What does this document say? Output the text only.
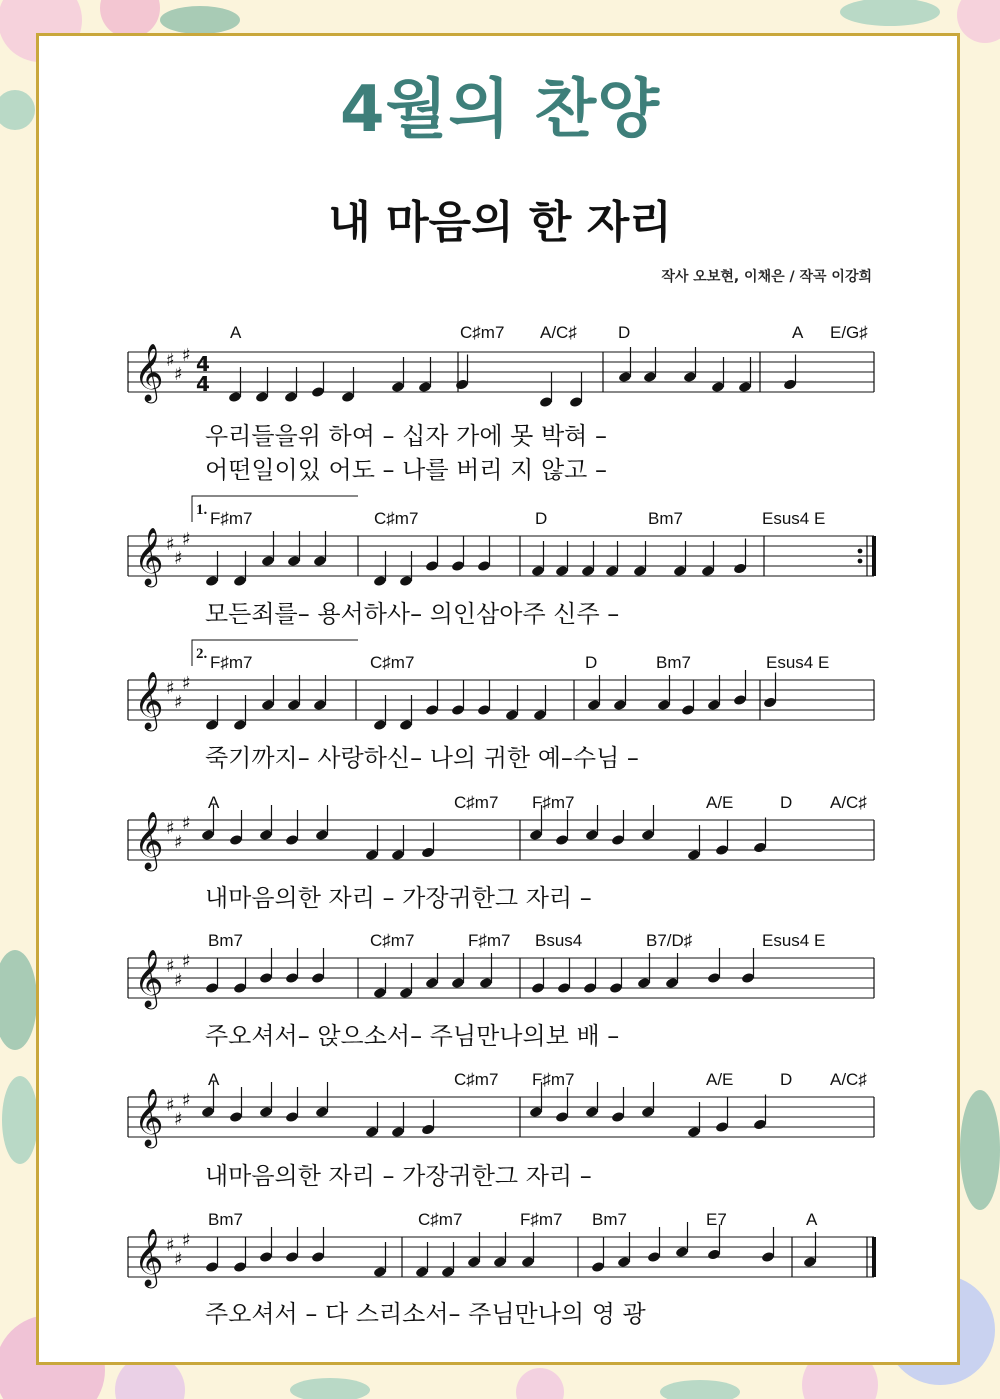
4월의 찬양
내 마음의 한 자리
작사 오보현, 이채은 / 작곡 이강희
𝄞 ♯
♯
♯ 4
4
A	C♯m7 A/C♯ D	A E/G♯
우리들을위 하여 – 십자 가에 못 박혀 –
어떤일이있 어도 – 나를 버리 지 않고 –
𝄞 ♯
♯
♯
1. F♯m7	C♯m7	D	Bm7	Esus4 E
모든죄를– 용서하사– 의인삼아주 신주 –
𝄞 ♯
♯
♯
2. F♯m7	C♯m7	D	Bm7	Esus4 E
죽기까지– 사랑하신– 나의 귀한 예–수님 –
𝄞 ♯
♯
♯
A	C♯m7 F♯m7	A/E	D A/C♯
내마음의한 자리 – 가장귀한그 자리 –
𝄞 ♯
♯
♯
Bm7	C♯m7	F♯m7 Bsus4	B7/D♯	Esus4 E
주오셔서– 앉으소서– 주님만나의보 배 –
𝄞 ♯
♯
♯
A	C♯m7 F♯m7	A/E	D A/C♯
내마음의한 자리 – 가장귀한그 자리 –
𝄞 ♯
♯
♯
Bm7	C♯m7	F♯m7 Bm7	E7	A
주오셔서 – 다 스리소서– 주님만나의 영 광
